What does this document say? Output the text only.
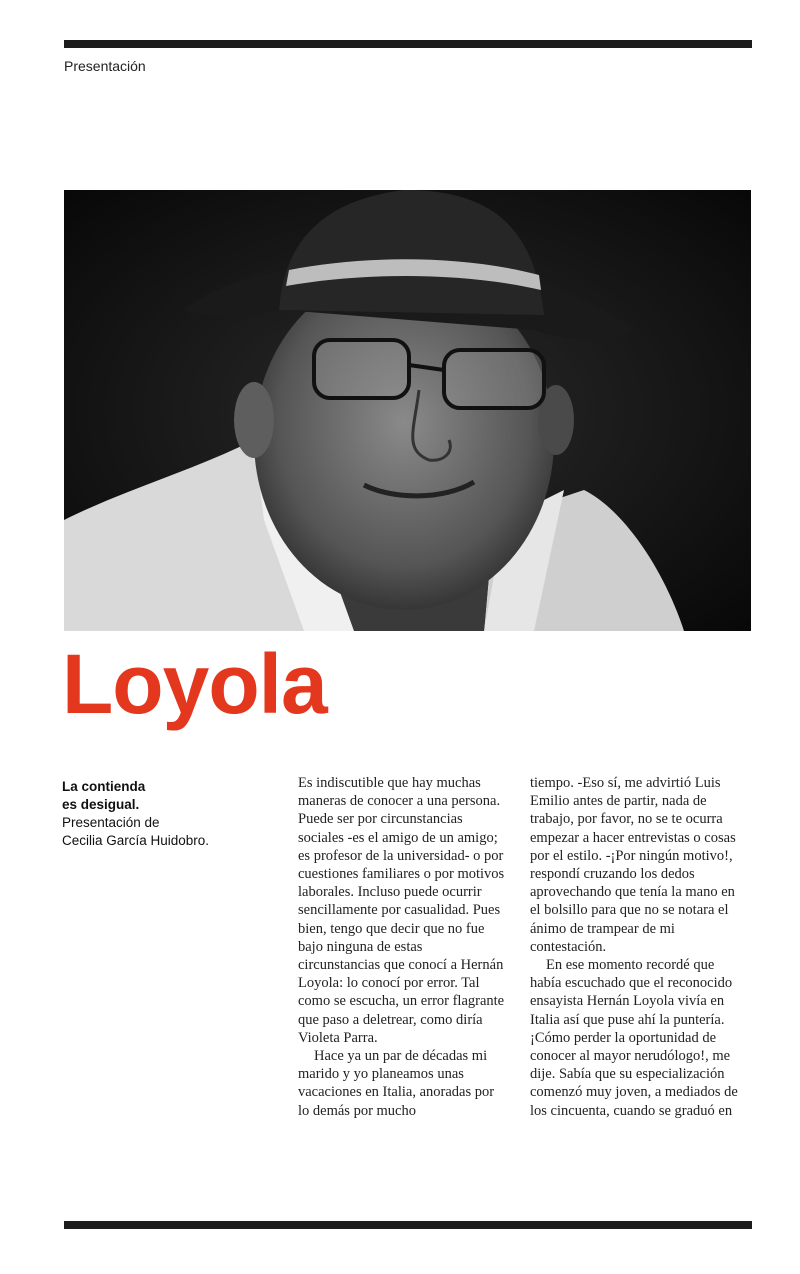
Presentación
Loyola
La contienda
es desigual.
Presentación de
Cecilia García Huidobro.

Es indiscutible que hay muchas maneras de conocer a una persona. Puede ser por circunstancias sociales -es el amigo de un amigo; es profesor de la universidad- o por cuestiones familiares o por motivos laborales. Incluso puede ocurrir sencillamente por casualidad. Pues bien, tengo que decir que no fue bajo ninguna de estas circunstancias que conocí a Hernán Loyola: lo conocí por error. Tal como se escucha, un error flagrante que paso a deletrear, como diría Violeta Parra.

Hace ya un par de décadas mi marido y yo planeamos unas vacaciones en Italia, anoradas por lo demás por mucho

tiempo. -Eso sí, me advirtió Luis Emilio antes de partir, nada de trabajo, por favor, no se te ocurra empezar a hacer entrevistas o cosas por el estilo. -¡Por ningún motivo!, respondí cruzando los dedos aprovechando que tenía la mano en el bolsillo para que no se notara el ánimo de trampear de mi contestación.

En ese momento recordé que había escuchado que el reconocido ensayista Hernán Loyola vivía en Italia así que puse ahí la puntería. ¡Cómo perder la oportunidad de conocer al mayor nerudólogo!, me dije. Sabía que su especialización comenzó muy joven, a mediados de los cincuenta, cuando se graduó en
